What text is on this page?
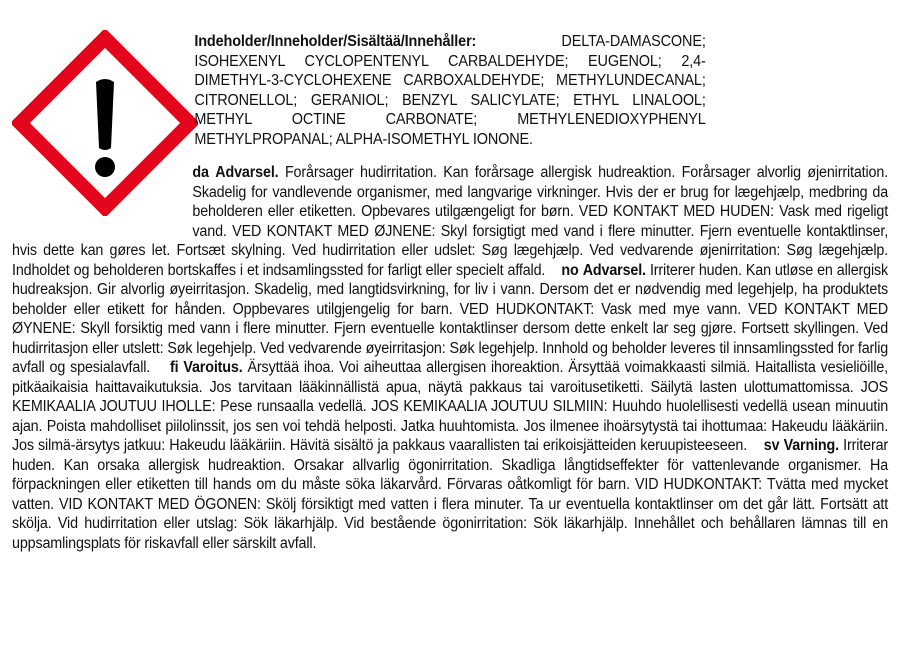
Indeholder/Inneholder/Sisältää/Innehåller:	DELTA-DAMASCONE; ISOHEXENYL CYCLOPENTENYL CARBALDEHYDE; EUGENOL; 2,4-DIMETHYL-3-CYCLOHEXENE CARBOXALDEHYDE; METHYLUNDECANAL; CITRONELLOL; GERANIOL; BENZYL SALICYLATE; ETHYL LINALOOL; METHYL OCTINE CARBONATE; METHYLENEDIOXYPHENYL METHYLPROPANAL; ALPHA-ISOMETHYL IONONE.

da Advarsel. Forårsager hudirritation. Kan forårsage allergisk hudreaktion. Forårsager alvorlig øjenirritation. Skadelig for vandlevende organismer, med langvarige virkninger. Hvis der er brug for lægehjælp, medbring da beholderen eller etiketten. Opbevares utilgængeligt for børn. VED KONTAKT MED HUDEN: Vask med rigeligt vand. VED KONTAKT MED ØJNENE: Skyl forsigtigt med vand i flere minutter. Fjern eventuelle kontaktlinser, hvis dette kan gøres let. Fortsæt skylning. Ved hudirritation eller udslet: Søg lægehjælp. Ved vedvarende øjenirritation: Søg lægehjælp. Indholdet og beholderen bortskaffes i et indsamlingssted for farligt eller specielt affald. no Advarsel. Irriterer huden. Kan utløse en allergisk hudreaksjon. Gir alvorlig øyeirritasjon. Skadelig, med langtidsvirkning, for liv i vann. Dersom det er nødvendig med legehjelp, ha produktets beholder eller etikett for hånden. Oppbevares utilgjengelig for barn. VED HUDKONTAKT: Vask med mye vann. VED KONTAKT MED ØYNENE: Skyll forsiktig med vann i flere minutter. Fjern eventuelle kontaktlinser dersom dette enkelt lar seg gjøre. Fortsett skyllingen. Ved hudirritasjon eller utslett: Søk legehjelp. Ved vedvarende øyeirritasjon: Søk legehjelp. Innhold og beholder leveres til innsamlingssted for farlig avfall og spesialavfall. fi Varoitus. Ärsyttää ihoa. Voi aiheuttaa allergisen ihoreaktion. Ärsyttää voimakkaasti silmiä. Haitallista vesieliöille, pitkäaikaisia haittavaikutuksia. Jos tarvitaan lääkinnällistä apua, näytä pakkaus tai varoitusetiketti. Säilytä lasten ulottumattomissa. JOS KEMIKAALIA JOUTUU IHOLLE: Pese runsaalla vedellä. JOS KEMIKAALIA JOUTUU SILMIIN: Huuhdo huolellisesti vedellä usean minuutin ajan. Poista mahdolliset piilolinssit, jos sen voi tehdä helposti. Jatka huuhtomista. Jos ilmenee ihoärsytystä tai ihottumaa: Hakeudu lääkäriin. Jos silmä-ärsytys jatkuu: Hakeudu lääkäriin. Hävitä sisältö ja pakkaus vaarallisten tai erikoisjätteiden keruupisteeseen. sv Varning. Irriterar huden. Kan orsaka allergisk hudreaktion. Orsakar allvarlig ögonirritation. Skadliga långtidseffekter för vattenlevande organismer. Ha förpackningen eller etiketten till hands om du måste söka läkarvård. Förvaras oåtkomligt för barn. VID HUDKONTAKT: Tvätta med mycket vatten. VID KONTAKT MED ÖGONEN: Skölj försiktigt med vatten i flera minuter. Ta ur eventuella kontaktlinser om det går lätt. Fortsätt att skölja. Vid hudirritation eller utslag: Sök läkarhjälp. Vid bestående ögonirritation: Sök läkarhjälp. Innehållet och behållaren lämnas till en uppsamlingsplats för riskavfall eller särskilt avfall.
